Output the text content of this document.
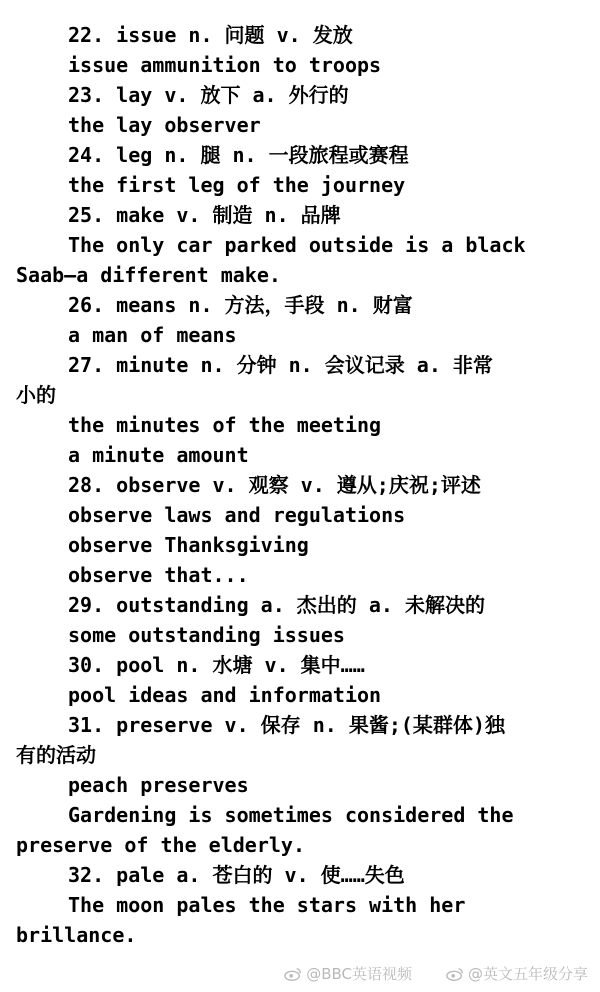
22. issue n. 问题 v. 发放
issue ammunition to troops
23. lay v. 放下 a. 外行的
the lay observer
24. leg n. 腿 n. 一段旅程或赛程
the first leg of the journey
25. make v. 制造 n. 品牌
The only car parked outside is a black
Saab—a different make.
26. means n. 方法，手段 n. 财富
a man of means
27. minute n. 分钟 n. 会议记录 a. 非常
小的
the minutes of the meeting
a minute amount
28. observe v. 观察 v. 遵从;庆祝;评述
observe laws and regulations
observe Thanksgiving
observe that...
29. outstanding a. 杰出的 a. 未解决的
some outstanding issues
30. pool n. 水塘 v. 集中……
pool ideas and information
31. preserve v. 保存 n. 果酱;(某群体)独
有的活动
peach preserves
Gardening is sometimes considered the
preserve of the elderly.
32. pale a. 苍白的 v. 使……失色
The moon pales the stars with her
brillance.
@BBC英语视频	@英文五年级分享
